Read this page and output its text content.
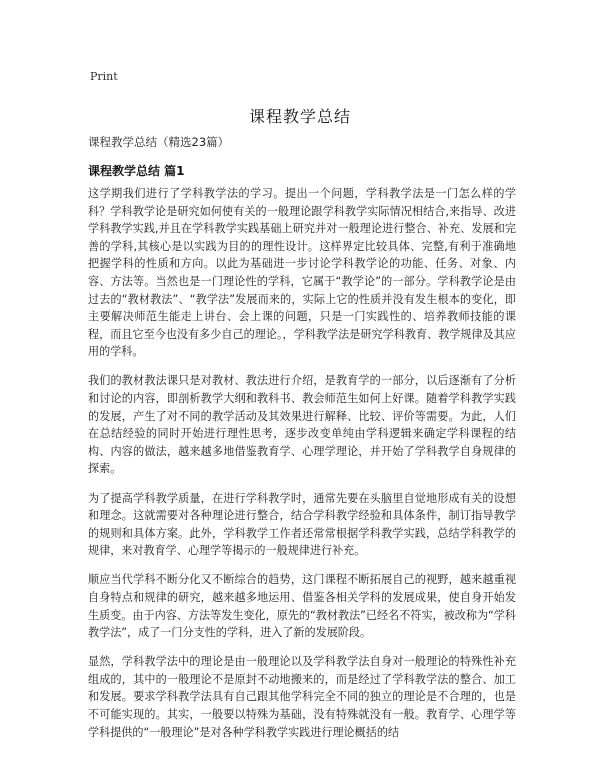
Print
课程教学总结
课程教学总结（精选23篇）
课程教学总结 篇1

这学期我们进行了学科教学法的学习。提出一个问题，学科教学法是一门怎么样的学科？学科教学论是研究如何使有关的一般理论跟学科教学实际情况相结合,来指导、改进学科教学实践,并且在学科教学实践基础上研究并对一般理论进行整合、补充、发展和完善的学科,其核心是以实践为目的的理性设计。这样界定比较具体、完整,有利于准确地把握学科的性质和方向。以此为基础进一步讨论学科教学论的功能、任务、对象、内容、方法等。当然也是一门理论性的学科，它属于“教学论”的一部分。学科教学论是由过去的“教材教法”、“教学法”发展而来的，实际上它的性质并没有发生根本的变化，即主要解决师范生能走上讲台、会上课的问题，只是一门实践性的、培养教师技能的课程，而且它至今也没有多少自己的理论。，学科教学法是研究学科教育、教学规律及其应用的学科。

我们的教材教法课只是对教材、教法进行介绍，是教育学的一部分，以后逐渐有了分析和讨论的内容，即剖析教学大纲和教科书、教会师范生如何上好课。随着学科教学实践的发展，产生了对不同的教学活动及其效果进行解释、比较、评价等需要。为此，人们在总结经验的同时开始进行理性思考，逐步改变单纯由学科逻辑来确定学科课程的结构、内容的做法，越来越多地借鉴教育学、心理学理论，并开始了学科教学自身规律的探索。

为了提高学科教学质量，在进行学科教学时，通常先要在头脑里自觉地形成有关的设想和理念。这就需要对各种理论进行整合，结合学科教学经验和具体条件，制订指导教学的规则和具体方案。此外，学科教学工作者还常常根据学科教学实践，总结学科教学的规律，来对教育学、心理学等揭示的一般规律进行补充。

顺应当代学科不断分化又不断综合的趋势，这门课程不断拓展自己的视野，越来越重视自身特点和规律的研究，越来越多地运用、借鉴各相关学科的发展成果，使自身开始发生质变。由于内容、方法等发生变化，原先的“教材教法”已经名不符实，被改称为“学科教学法”，成了一门分支性的学科，进入了新的发展阶段。

显然，学科教学法中的理论是由一般理论以及学科教学法自身对一般理论的特殊性补充组成的，其中的一般理论不是原封不动地搬来的，而是经过了学科教学法的整合、加工和发展。要求学科教学法具有自己跟其他学科完全不同的独立的理论是不合理的，也是不可能实现的。其实，一般要以特殊为基础，没有特殊就没有一般。教育学、心理学等学科提供的“一般理论”是对各种学科教学实践进行理论概括的结
